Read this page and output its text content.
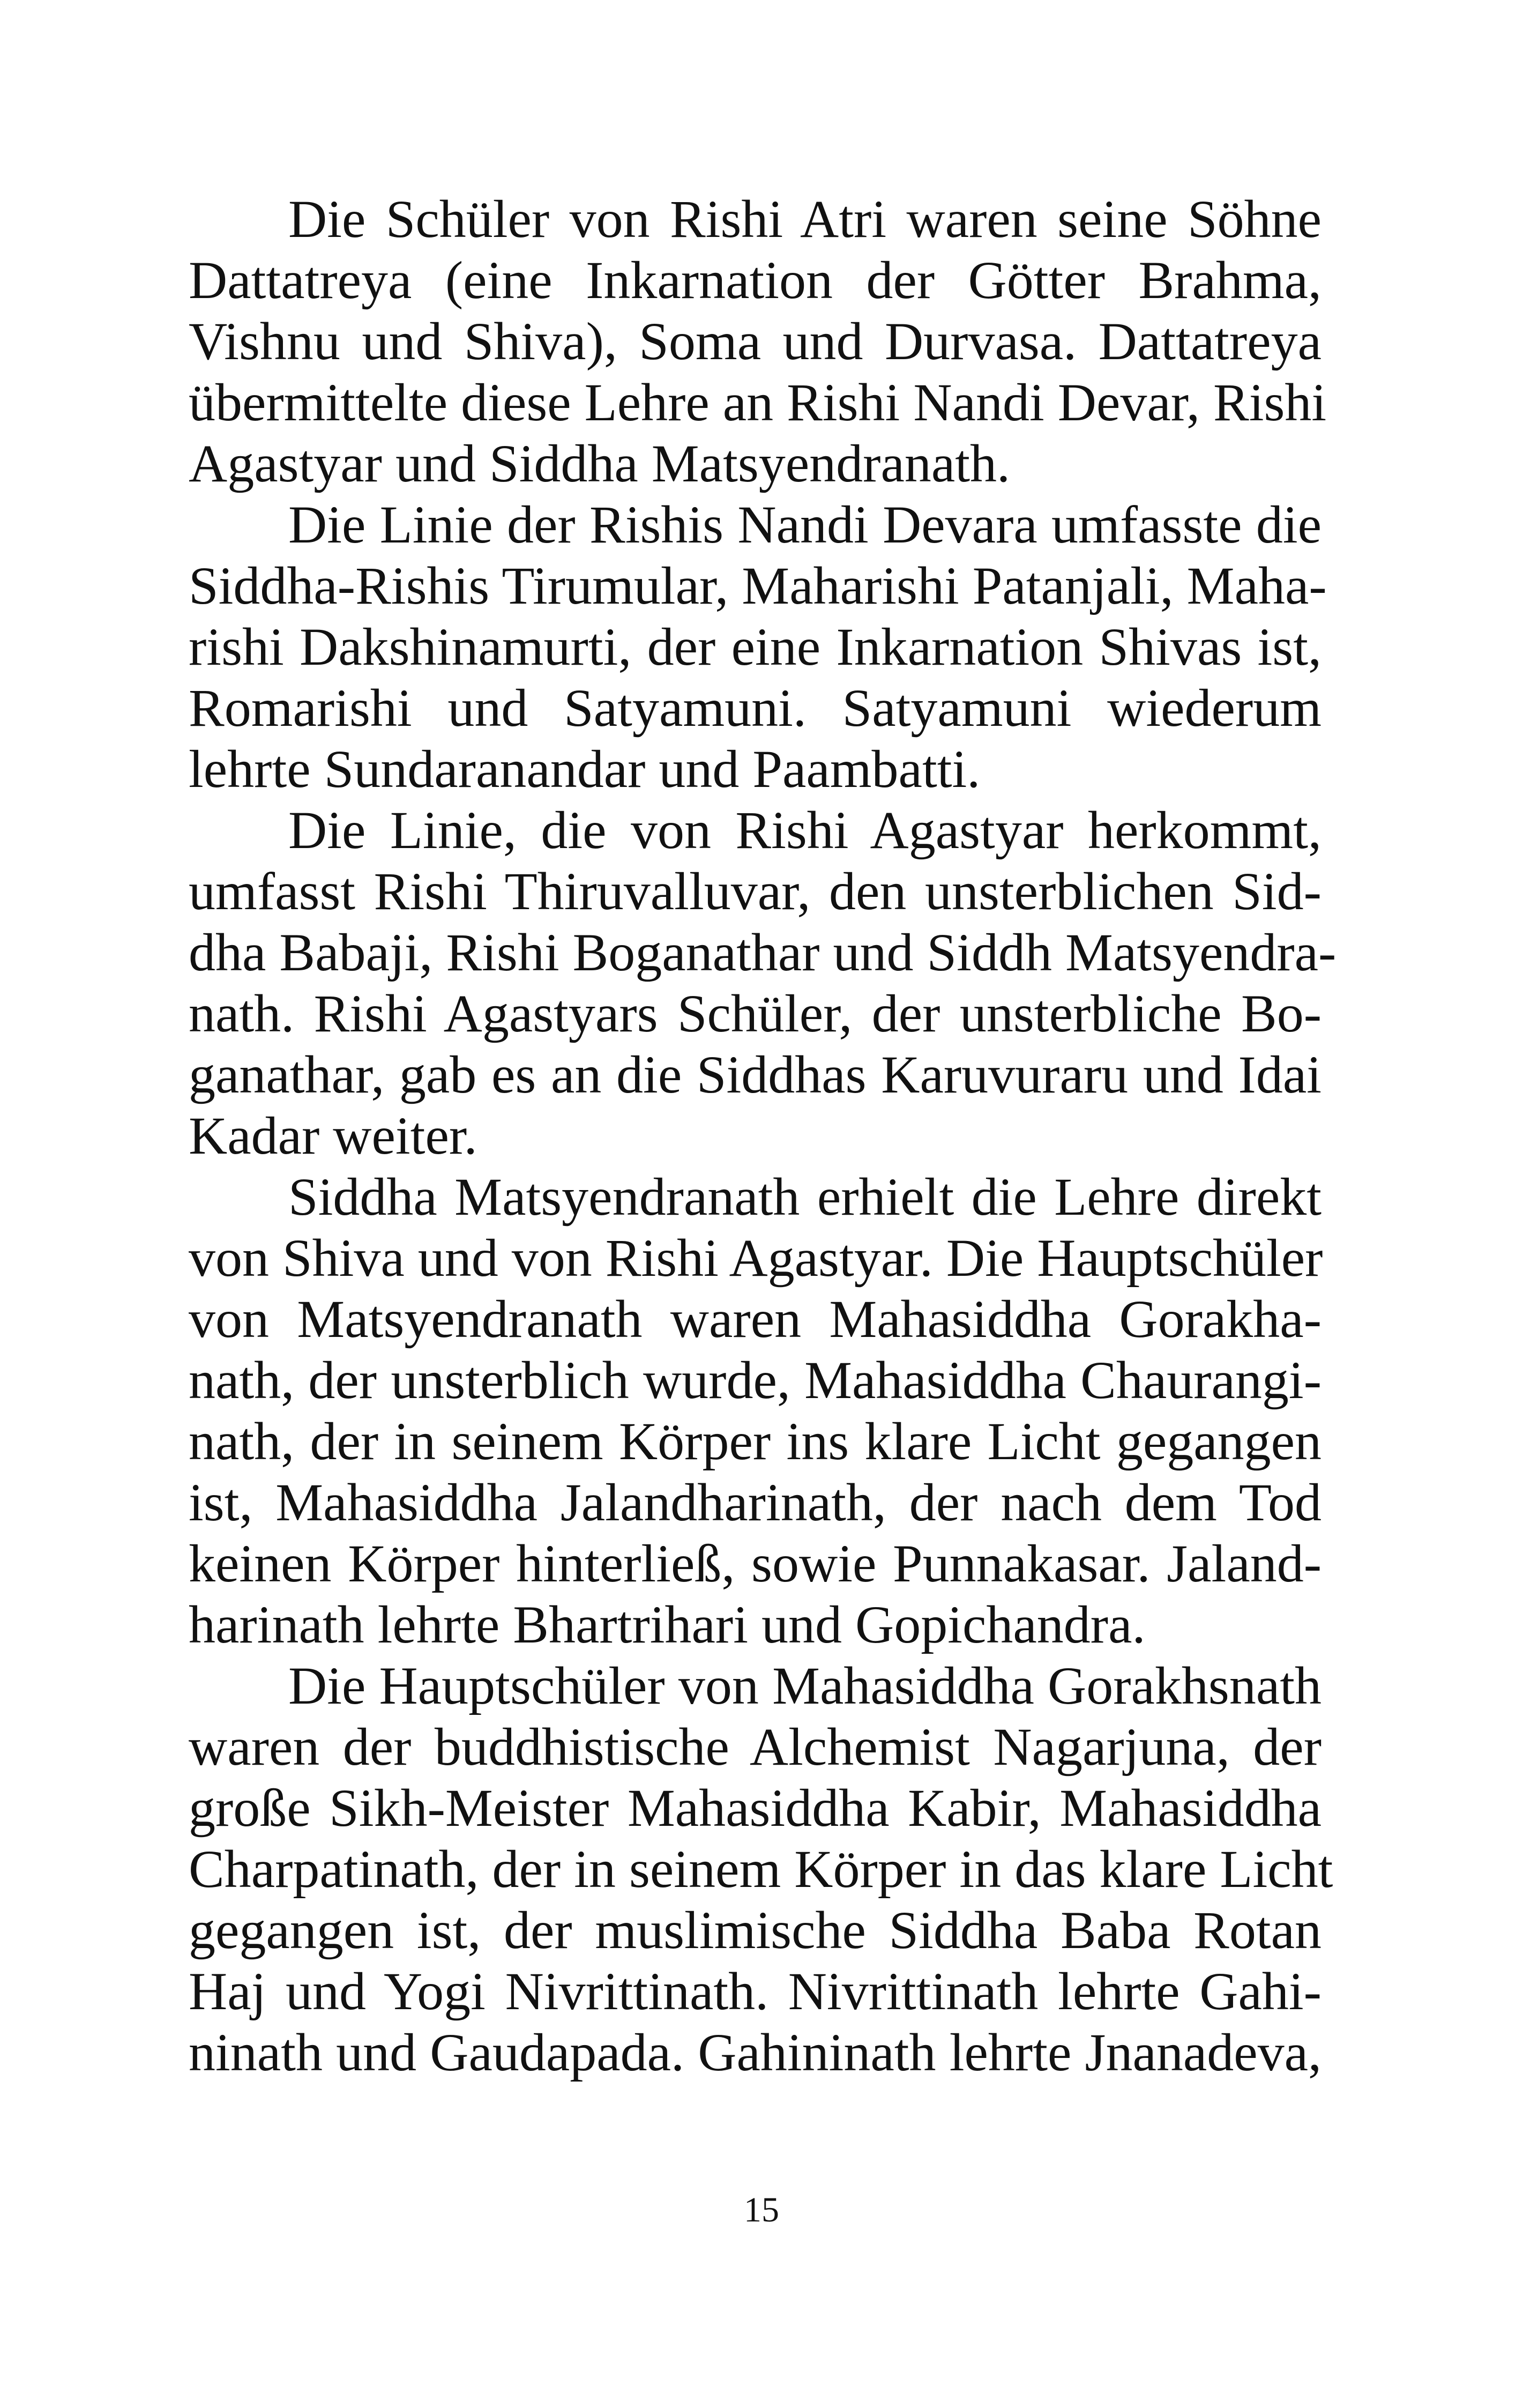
Die Schüler von Rishi Atri waren seine Söhne
Dattatreya (eine Inkarnation der Götter Brahma,
Vishnu und Shiva), Soma und Durvasa. Dattatreya
übermittelte diese Lehre an Rishi Nandi Devar, Rishi
Agastyar und Siddha Matsyendranath.
Die Linie der Rishis Nandi Devara umfasste die
Siddha-Rishis Tirumular, Maharishi Patanjali, Maha-
rishi Dakshinamurti, der eine Inkarnation Shivas ist,
Romarishi und Satyamuni. Satyamuni wiederum
lehrte Sundaranandar und Paambatti.
Die Linie, die von Rishi Agastyar herkommt,
umfasst Rishi Thiruvalluvar, den unsterblichen Sid-
dha Babaji, Rishi Boganathar und Siddh Matsyendra-
nath. Rishi Agastyars Schüler, der unsterbliche Bo-
ganathar, gab es an die Siddhas Karuvuraru und Idai
Kadar weiter.
Siddha Matsyendranath erhielt die Lehre direkt
von Shiva und von Rishi Agastyar. Die Hauptschüler
von Matsyendranath waren Mahasiddha Gorakha-
nath, der unsterblich wurde, Mahasiddha Chaurangi-
nath, der in seinem Körper ins klare Licht gegangen
ist, Mahasiddha Jalandharinath, der nach dem Tod
keinen Körper hinterließ, sowie Punnakasar. Jaland-
harinath lehrte Bhartrihari und Gopichandra.
Die Hauptschüler von Mahasiddha Gorakhsnath
waren der buddhistische Alchemist Nagarjuna, der
große Sikh-Meister Mahasiddha Kabir, Mahasiddha
Charpatinath, der in seinem Körper in das klare Licht
gegangen ist, der muslimische Siddha Baba Rotan
Haj und Yogi Nivrittinath. Nivrittinath lehrte Gahi-
ninath und Gaudapada. Gahininath lehrte Jnanadeva,
15
